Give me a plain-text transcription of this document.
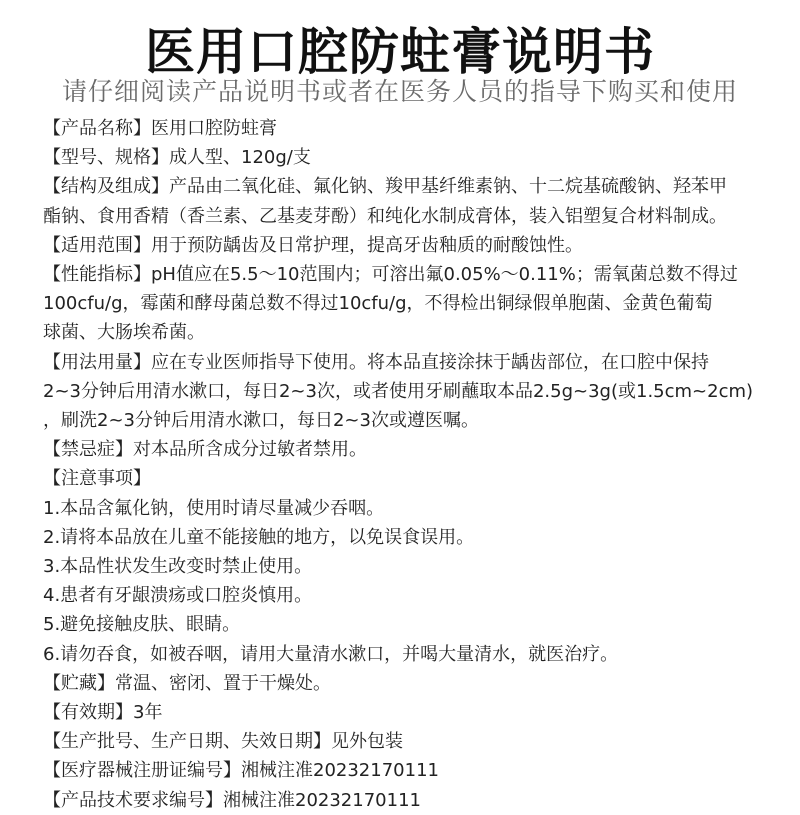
医用口腔防蛀膏说明书
请仔细阅读产品说明书或者在医务人员的指导下购买和使用
【产品名称】医用口腔防蛀膏
【型号、规格】成人型、120g/支
【结构及组成】产品由二氧化硅、氟化钠、羧甲基纤维素钠、十二烷基硫酸钠、羟苯甲
酯钠、食用香精（香兰素、乙基麦芽酚）和纯化水制成膏体，装入铝塑复合材料制成。
【适用范围】用于预防龋齿及日常护理，提高牙齿釉质的耐酸蚀性。
【性能指标】pH值应在5.5～10范围内；可溶出氟0.05%～0.11%；需氧菌总数不得过
100cfu/g，霉菌和酵母菌总数不得过10cfu/g，不得检出铜绿假单胞菌、金黄色葡萄
球菌、大肠埃希菌。
【用法用量】应在专业医师指导下使用。将本品直接涂抹于龋齿部位，在口腔中保持
2~3分钟后用清水漱口，每日2~3次，或者使用牙刷蘸取本品2.5g~3g(或1.5cm~2cm)
，刷洗2~3分钟后用清水漱口，每日2~3次或遵医嘱。
【禁忌症】对本品所含成分过敏者禁用。
【注意事项】
1.本品含氟化钠，使用时请尽量减少吞咽。
2.请将本品放在儿童不能接触的地方，以免误食误用。
3.本品性状发生改变时禁止使用。
4.患者有牙龈溃疡或口腔炎慎用。
5.避免接触皮肤、眼睛。
6.请勿吞食，如被吞咽，请用大量清水漱口，并喝大量清水，就医治疗。
【贮藏】常温、密闭、置于干燥处。
【有效期】3年
【生产批号、生产日期、失效日期】见外包装
【医疗器械注册证编号】湘械注准20232170111
【产品技术要求编号】湘械注准20232170111
